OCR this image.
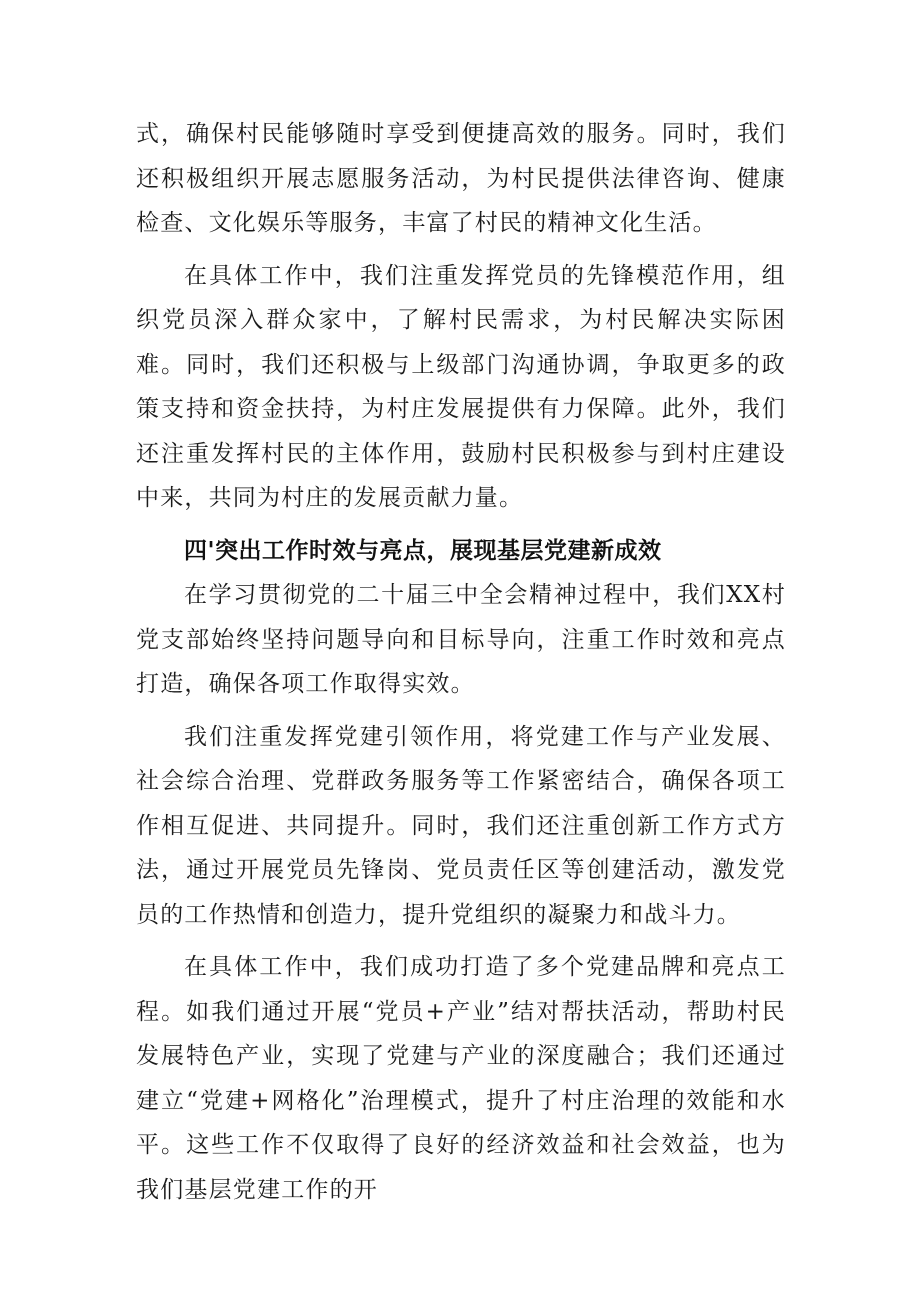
式，确保村民能够随时享受到便捷高效的服务。同时，我们还积极组织开展志愿服务活动，为村民提供法律咨询、健康检查、文化娱乐等服务，丰富了村民的精神文化生活。

在具体工作中，我们注重发挥党员的先锋模范作用，组织党员深入群众家中，了解村民需求，为村民解决实际困难。同时，我们还积极与上级部门沟通协调，争取更多的政策支持和资金扶持，为村庄发展提供有力保障。此外，我们还注重发挥村民的主体作用，鼓励村民积极参与到村庄建设中来，共同为村庄的发展贡献力量。

四'突出工作时效与亮点，展现基层党建新成效

在学习贯彻党的二十届三中全会精神过程中，我们XX村党支部始终坚持问题导向和目标导向，注重工作时效和亮点打造，确保各项工作取得实效。

我们注重发挥党建引领作用，将党建工作与产业发展、社会综合治理、党群政务服务等工作紧密结合，确保各项工作相互促进、共同提升。同时，我们还注重创新工作方式方法，通过开展党员先锋岗、党员责任区等创建活动，激发党员的工作热情和创造力，提升党组织的凝聚力和战斗力。

在具体工作中，我们成功打造了多个党建品牌和亮点工程。如我们通过开展“党员+产业”结对帮扶活动，帮助村民发展特色产业，实现了党建与产业的深度融合；我们还通过建立“党建+网格化”治理模式，提升了村庄治理的效能和水平。这些工作不仅取得了良好的经济效益和社会效益，也为我们基层党建工作的开
